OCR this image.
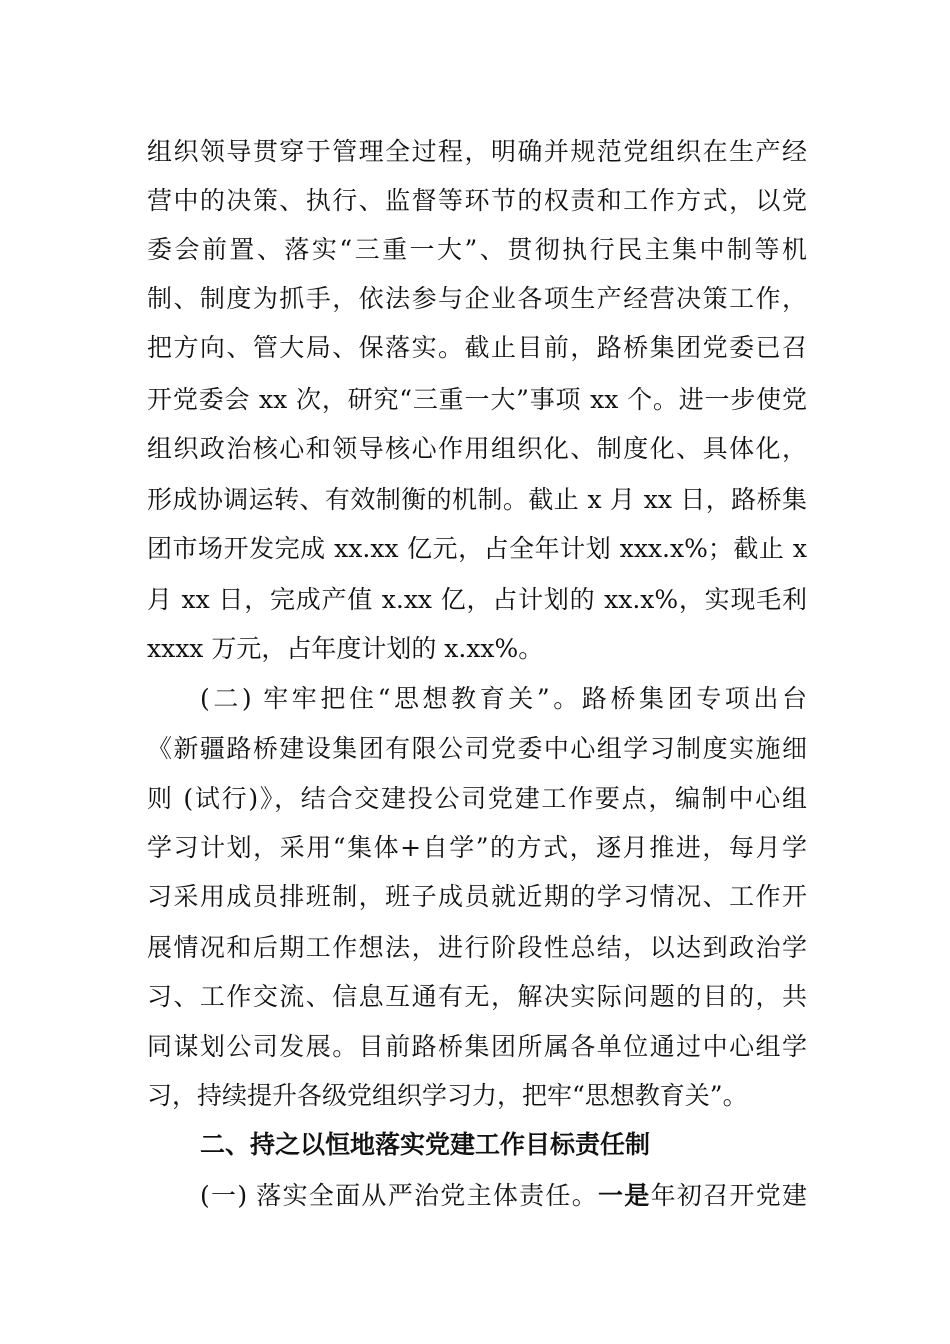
组织领导贯穿于管理全过程，明确并规范党组织在生产经
营中的决策、执行、监督等环节的权责和工作方式，以党
委会前置、落实“三重一大”、贯彻执行民主集中制等机
制、制度为抓手，依法参与企业各项生产经营决策工作，
把方向、管大局、保落实。截止目前，路桥集团党委已召
开党委会 xx 次，研究“三重一大”事项 xx 个。进一步使党
组织政治核心和领导核心作用组织化、制度化、具体化，
形成协调运转、有效制衡的机制。截止 x 月 xx 日，路桥集
团市场开发完成 xx.xx 亿元，占全年计划 xxx.x%；截止 x
月 xx 日，完成产值 x.xx 亿，占计划的 xx.x%，实现毛利
xxxx 万元，占年度计划的 x.xx%。
(二) 牢牢把住“思想教育关”。路桥集团专项出台
《新疆路桥建设集团有限公司党委中心组学习制度实施细
则 (试行)》，结合交建投公司党建工作要点，编制中心组
学习计划，采用“集体+自学”的方式，逐月推进，每月学
习采用成员排班制，班子成员就近期的学习情况、工作开
展情况和后期工作想法，进行阶段性总结，以达到政治学
习、工作交流、信息互通有无，解决实际问题的目的，共
同谋划公司发展。目前路桥集团所属各单位通过中心组学
习，持续提升各级党组织学习力，把牢“思想教育关”。
二、持之以恒地落实党建工作目标责任制
(一) 落实全面从严治党主体责任。一是年初召开党建
